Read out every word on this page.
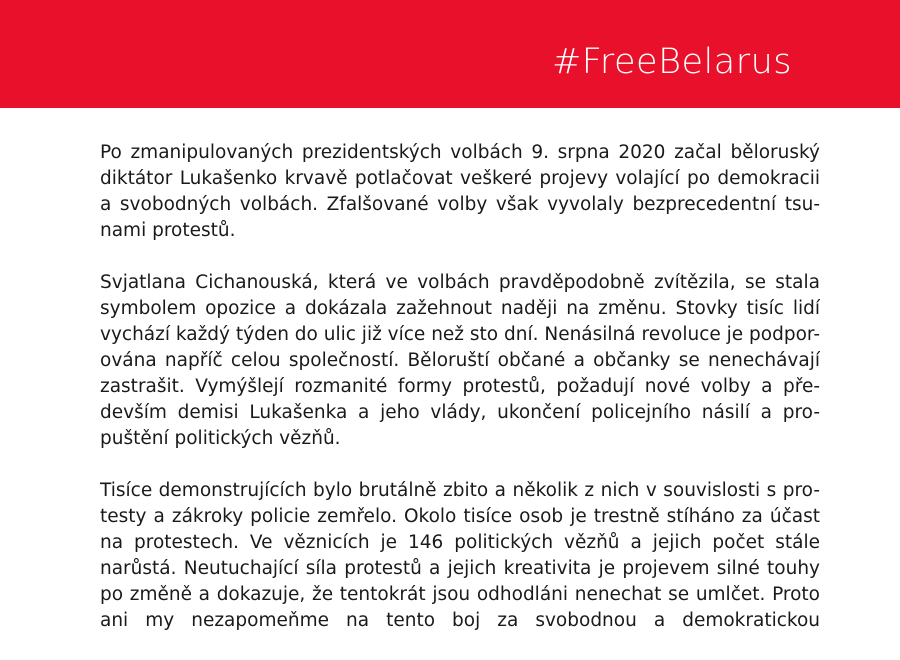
#FreeBelarus

Po zmanipulovaných prezidentských volbách 9. srpna 2020 začal běloruský
diktátor Lukašenko krvavě potlačovat veškeré projevy volající po demokracii
a svobodných volbách. Zfalšované volby však vyvolaly bezprecedentní tsu-
nami protestů.

Svjatlana Cichanouská, která ve volbách pravděpodobně zvítězila, se stala
symbolem opozice a dokázala zažehnout naději na změnu. Stovky tisíc lidí
vychází každý týden do ulic již více než sto dní. Nenásilná revoluce je podpor-
ována napříč celou společností. Běloruští občané a občanky se nenechávají
zastrašit. Vymýšlejí rozmanité formy protestů, požadují nové volby a pře-
devším demisi Lukašenka a jeho vlády, ukončení policejního násilí a pro-
puštění politických vězňů.

Tisíce demonstrujících bylo brutálně zbito a několik z nich v souvislosti s pro-
testy a zákroky policie zemřelo. Okolo tisíce osob je trestně stíháno za účast
na protestech. Ve věznicích je 146 politických vězňů a jejich počet stále
narůstá. Neutuchající síla protestů a jejich kreativita je projevem silné touhy
po změně a dokazuje, že tentokrát jsou odhodláni nenechat se umlčet. Proto
ani my nezapomeňme na tento boj za svobodnou a demokratickou
